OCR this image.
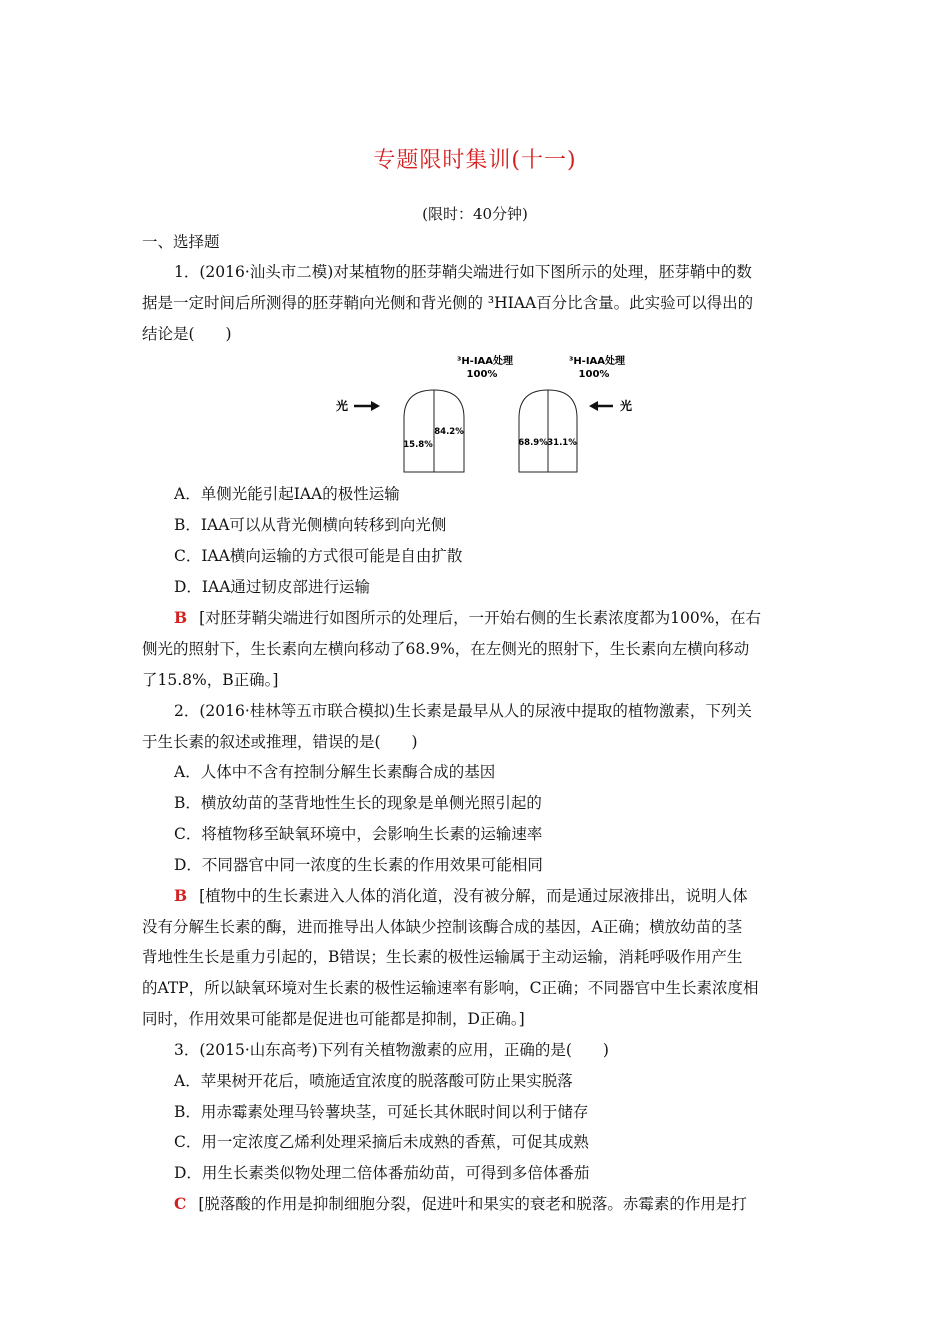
专题限时集训(十一)
(限时：40分钟)
一、选择题
1．(2016·汕头市二模)对某植物的胚芽鞘尖端进行如下图所示的处理，胚芽鞘中的数
据是一定时间后所测得的胚芽鞘向光侧和背光侧的 ³HIAA百分比含量。此实验可以得出的
结论是(　　)
³H-IAA处理
100%
15.8%
84.2%
光
³H-IAA处理
100%
68.9% 31.1%
光
A．单侧光能引起IAA的极性运输
B．IAA可以从背光侧横向转移到向光侧
C．IAA横向运输的方式很可能是自由扩散
D．IAA通过韧皮部进行运输
B [对胚芽鞘尖端进行如图所示的处理后，一开始右侧的生长素浓度都为100%，在右
侧光的照射下，生长素向左横向移动了68.9%，在左侧光的照射下，生长素向左横向移动
了15.8%，B正确。]
2．(2016·桂林等五市联合模拟)生长素是最早从人的尿液中提取的植物激素，下列关
于生长素的叙述或推理，错误的是(　　)
A．人体中不含有控制分解生长素酶合成的基因
B．横放幼苗的茎背地性生长的现象是单侧光照引起的
C．将植物移至缺氧环境中，会影响生长素的运输速率
D．不同器官中同一浓度的生长素的作用效果可能相同
B [植物中的生长素进入人体的消化道，没有被分解，而是通过尿液排出，说明人体
没有分解生长素的酶，进而推导出人体缺少控制该酶合成的基因，A正确；横放幼苗的茎
背地性生长是重力引起的，B错误；生长素的极性运输属于主动运输，消耗呼吸作用产生
的ATP，所以缺氧环境对生长素的极性运输速率有影响，C正确；不同器官中生长素浓度相
同时，作用效果可能都是促进也可能都是抑制，D正确。]
3．(2015·山东高考)下列有关植物激素的应用，正确的是(　　)
A．苹果树开花后，喷施适宜浓度的脱落酸可防止果实脱落
B．用赤霉素处理马铃薯块茎，可延长其休眠时间以利于储存
C．用一定浓度乙烯利处理采摘后未成熟的香蕉，可促其成熟
D．用生长素类似物处理二倍体番茄幼苗，可得到多倍体番茄
C [脱落酸的作用是抑制细胞分裂，促进叶和果实的衰老和脱落。赤霉素的作用是打
